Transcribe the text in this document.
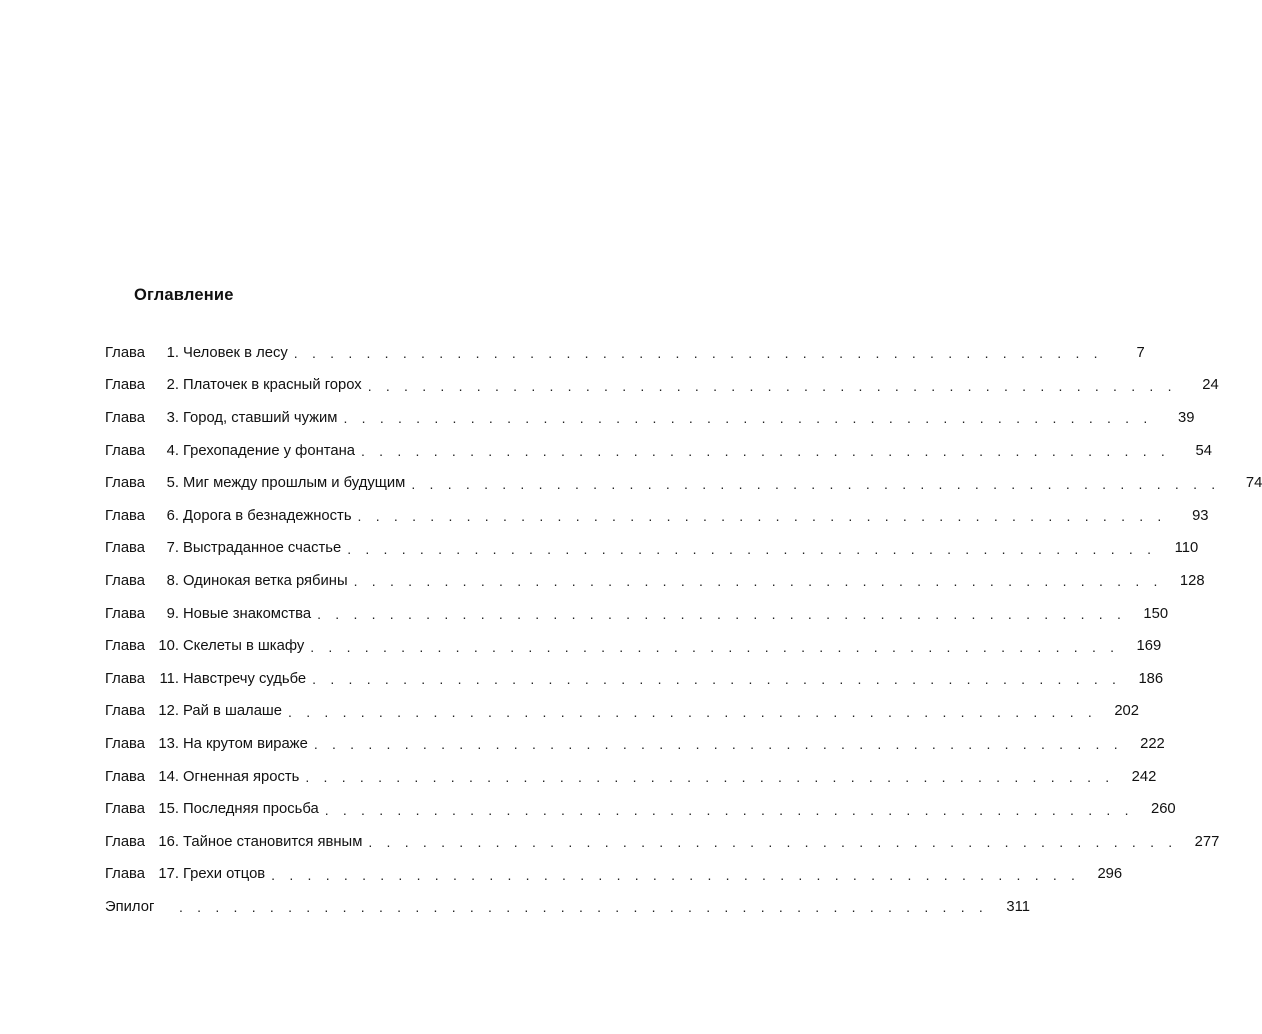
Оглавление
Глава	1. Человек в лесу . . . . . . . . . . . . . . . . . . . . . . . . . . . . . . . . . . . . . . . . . . . . .	7
Глава	2. Платочек в красный горох . . . . . . . . . . . . . . . . . . . . . . . . . . . . . . . . . . . . . . . . . . . . .	24
Глава	3. Город, ставший чужим . . . . . . . . . . . . . . . . . . . . . . . . . . . . . . . . . . . . . . . . . . . . .	39
Глава	4. Грехопадение у фонтана . . . . . . . . . . . . . . . . . . . . . . . . . . . . . . . . . . . . . . . . . . . . .	54
Глава	5. Миг между прошлым и будущим . . . . . . . . . . . . . . . . . . . . . . . . . . . . . . . . . . . . . . . . . . . . .	74
Глава	6. Дорога в безнадежность . . . . . . . . . . . . . . . . . . . . . . . . . . . . . . . . . . . . . . . . . . . . .	93
Глава	7. Выстраданное счастье . . . . . . . . . . . . . . . . . . . . . . . . . . . . . . . . . . . . . . . . . . . . .	110
Глава	8. Одинокая ветка рябины . . . . . . . . . . . . . . . . . . . . . . . . . . . . . . . . . . . . . . . . . . . . .	128
Глава	9. Новые знакомства . . . . . . . . . . . . . . . . . . . . . . . . . . . . . . . . . . . . . . . . . . . . .	150
Глава 10. Скелеты в шкафу . . . . . . . . . . . . . . . . . . . . . . . . . . . . . . . . . . . . . . . . . . . . .	169
Глава 11. Навстречу судьбе . . . . . . . . . . . . . . . . . . . . . . . . . . . . . . . . . . . . . . . . . . . . .	186
Глава 12. Рай в шалаше . . . . . . . . . . . . . . . . . . . . . . . . . . . . . . . . . . . . . . . . . . . . .	202
Глава 13. На крутом вираже . . . . . . . . . . . . . . . . . . . . . . . . . . . . . . . . . . . . . . . . . . . . .	222
Глава 14. Огненная ярость . . . . . . . . . . . . . . . . . . . . . . . . . . . . . . . . . . . . . . . . . . . . .	242
Глава 15. Последняя просьба . . . . . . . . . . . . . . . . . . . . . . . . . . . . . . . . . . . . . . . . . . . . .	260
Глава 16. Тайное становится явным . . . . . . . . . . . . . . . . . . . . . . . . . . . . . . . . . . . . . . . . . . . . .	277
Глава 17. Грехи отцов . . . . . . . . . . . . . . . . . . . . . . . . . . . . . . . . . . . . . . . . . . . . .	296
Эпилог	. . . . . . . . . . . . . . . . . . . . . . . . . . . . . . . . . . . . . . . . . . . . .	311
